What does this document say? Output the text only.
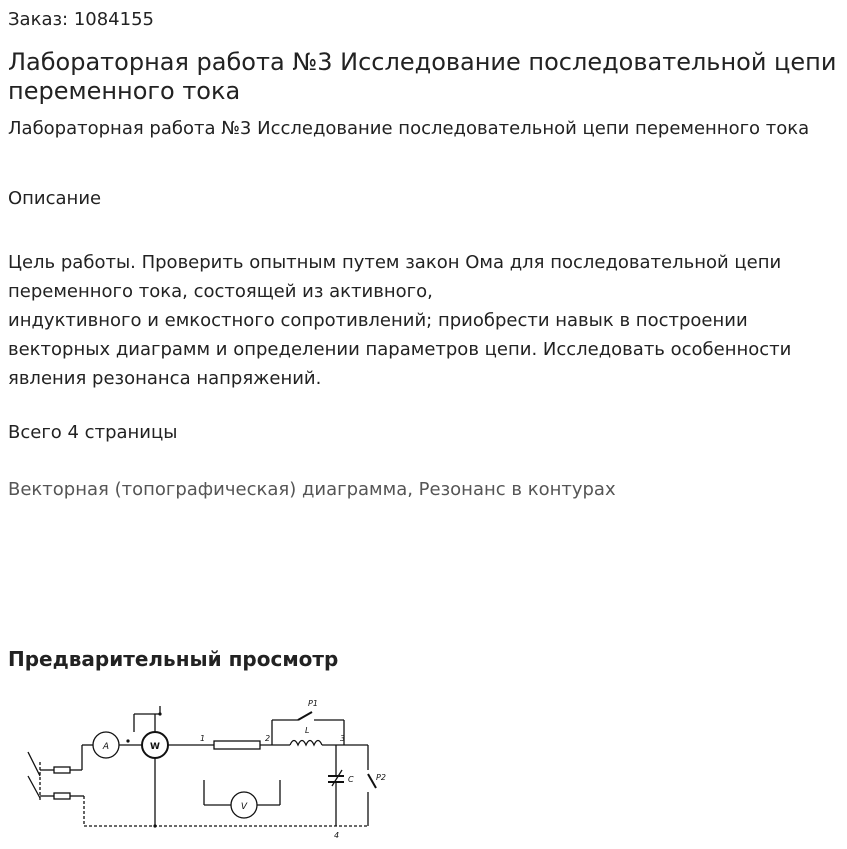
Заказ: 1084155
Лабораторная работа №3 Исследование последовательной цепи переменного тока
Лабораторная работа №3 Исследование последовательной цепи переменного тока
Описание
Цель работы. Проверить опытным путем закон Ома для последовательной цепи переменного тока, состоящей из активного,
индуктивного и емкостного сопротивлений; приобрести навык в построении векторных диаграмм и определении параметров цепи. Исследовать особенности явления резонанса напряжений.
Всего 4 страницы
Векторная (топографическая) диаграмма, Резонанс в контурах
Предварительный просмотр
A	W
1	2
L
3
P1
C	P2
V
4
